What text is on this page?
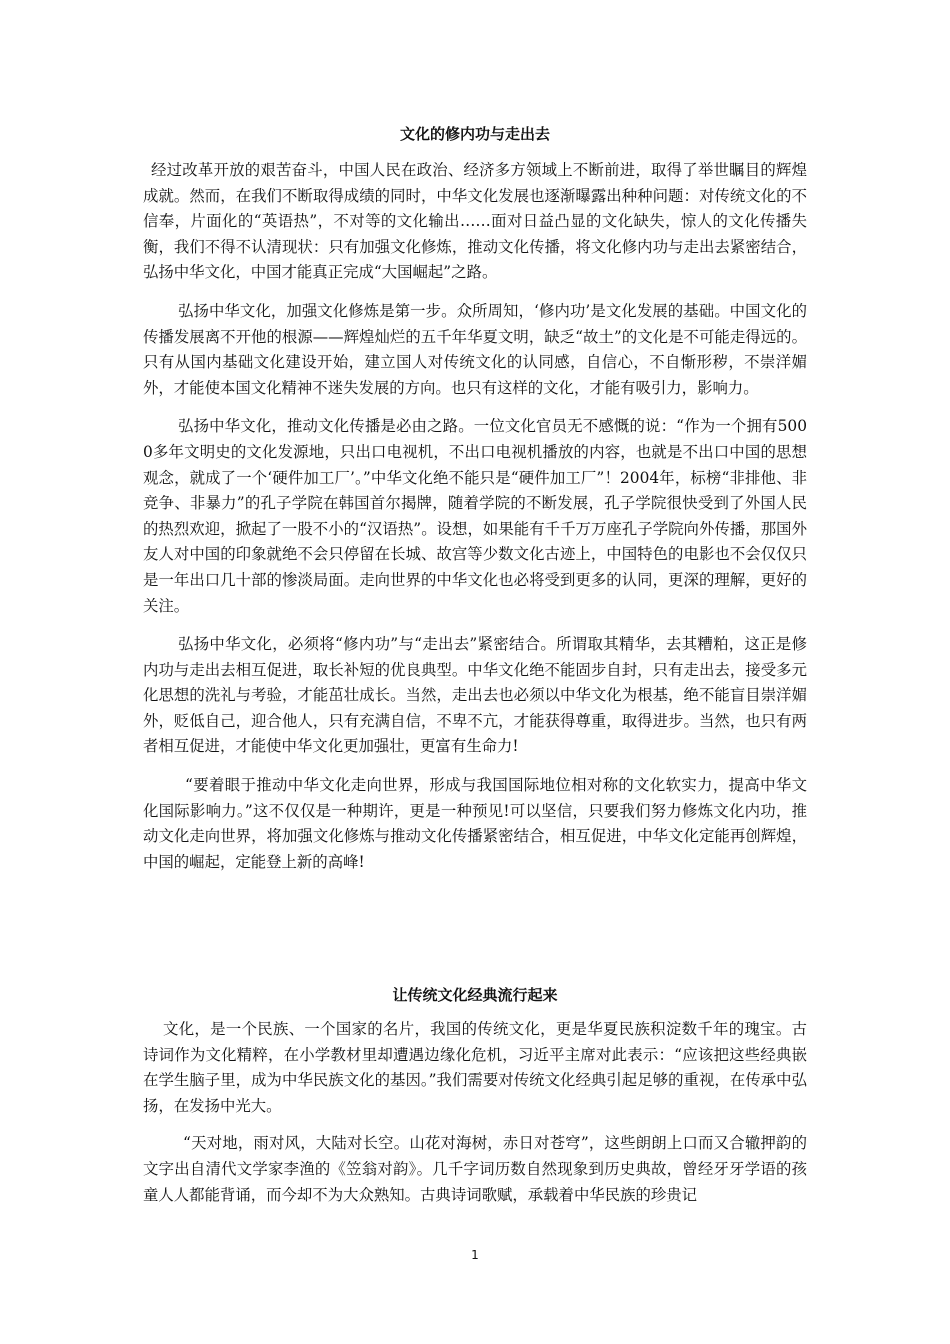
文化的修内功与走出去

经过改革开放的艰苦奋斗，中国人民在政治、经济多方领域上不断前进，取得了举世瞩目的辉煌成就。然而，在我们不断取得成绩的同时，中华文化发展也逐渐曝露出种种问题：对传统文化的不信奉，片面化的“英语热”，不对等的文化输出……面对日益凸显的文化缺失，惊人的文化传播失衡，我们不得不认清现状：只有加强文化修炼，推动文化传播，将文化修内功与走出去紧密结合，弘扬中华文化，中国才能真正完成“大国崛起”之路。

弘扬中华文化，加强文化修炼是第一步。众所周知，‘修内功’是文化发展的基础。中国文化的传播发展离不开他的根源——辉煌灿烂的五千年华夏文明，缺乏“故土”的文化是不可能走得远的。只有从国内基础文化建设开始，建立国人对传统文化的认同感，自信心，不自惭形秽，不崇洋媚外，才能使本国文化精神不迷失发展的方向。也只有这样的文化，才能有吸引力，影响力。

弘扬中华文化，推动文化传播是必由之路。一位文化官员无不感慨的说：“作为一个拥有5000多年文明史的文化发源地，只出口电视机，不出口电视机播放的内容，也就是不出口中国的思想观念，就成了一个‘硬件加工厂’。”中华文化绝不能只是“硬件加工厂”！2004年，标榜“非排他、非竞争、非暴力”的孔子学院在韩国首尔揭牌，随着学院的不断发展，孔子学院很快受到了外国人民的热烈欢迎，掀起了一股不小的“汉语热”。设想，如果能有千千万万座孔子学院向外传播，那国外友人对中国的印象就绝不会只停留在长城、故宫等少数文化古迹上，中国特色的电影也不会仅仅只是一年出口几十部的惨淡局面。走向世界的中华文化也必将受到更多的认同，更深的理解，更好的关注。

弘扬中华文化，必须将“修内功”与“走出去”紧密结合。所谓取其精华，去其糟粕，这正是修内功与走出去相互促进，取长补短的优良典型。中华文化绝不能固步自封，只有走出去，接受多元化思想的洗礼与考验，才能茁壮成长。当然，走出去也必须以中华文化为根基，绝不能盲目崇洋媚外，贬低自己，迎合他人，只有充满自信，不卑不亢，才能获得尊重，取得进步。当然，也只有两者相互促进，才能使中华文化更加强壮，更富有生命力!

“要着眼于推动中华文化走向世界，形成与我国国际地位相对称的文化软实力，提高中华文化国际影响力。”这不仅仅是一种期许，更是一种预见!可以坚信，只要我们努力修炼文化内功，推动文化走向世界，将加强文化修炼与推动文化传播紧密结合，相互促进，中华文化定能再创辉煌，中国的崛起，定能登上新的高峰!

让传统文化经典流行起来

文化，是一个民族、一个国家的名片，我国的传统文化，更是华夏民族积淀数千年的瑰宝。古诗词作为文化精粹，在小学教材里却遭遇边缘化危机，习近平主席对此表示：“应该把这些经典嵌在学生脑子里，成为中华民族文化的基因。”我们需要对传统文化经典引起足够的重视，在传承中弘扬，在发扬中光大。

“天对地，雨对风，大陆对长空。山花对海树，赤日对苍穹”，这些朗朗上口而又合辙押韵的文字出自清代文学家李渔的《笠翁对韵》。几千字词历数自然现象到历史典故，曾经牙牙学语的孩童人人都能背诵，而今却不为大众熟知。古典诗词歌赋，承载着中华民族的珍贵记

1
